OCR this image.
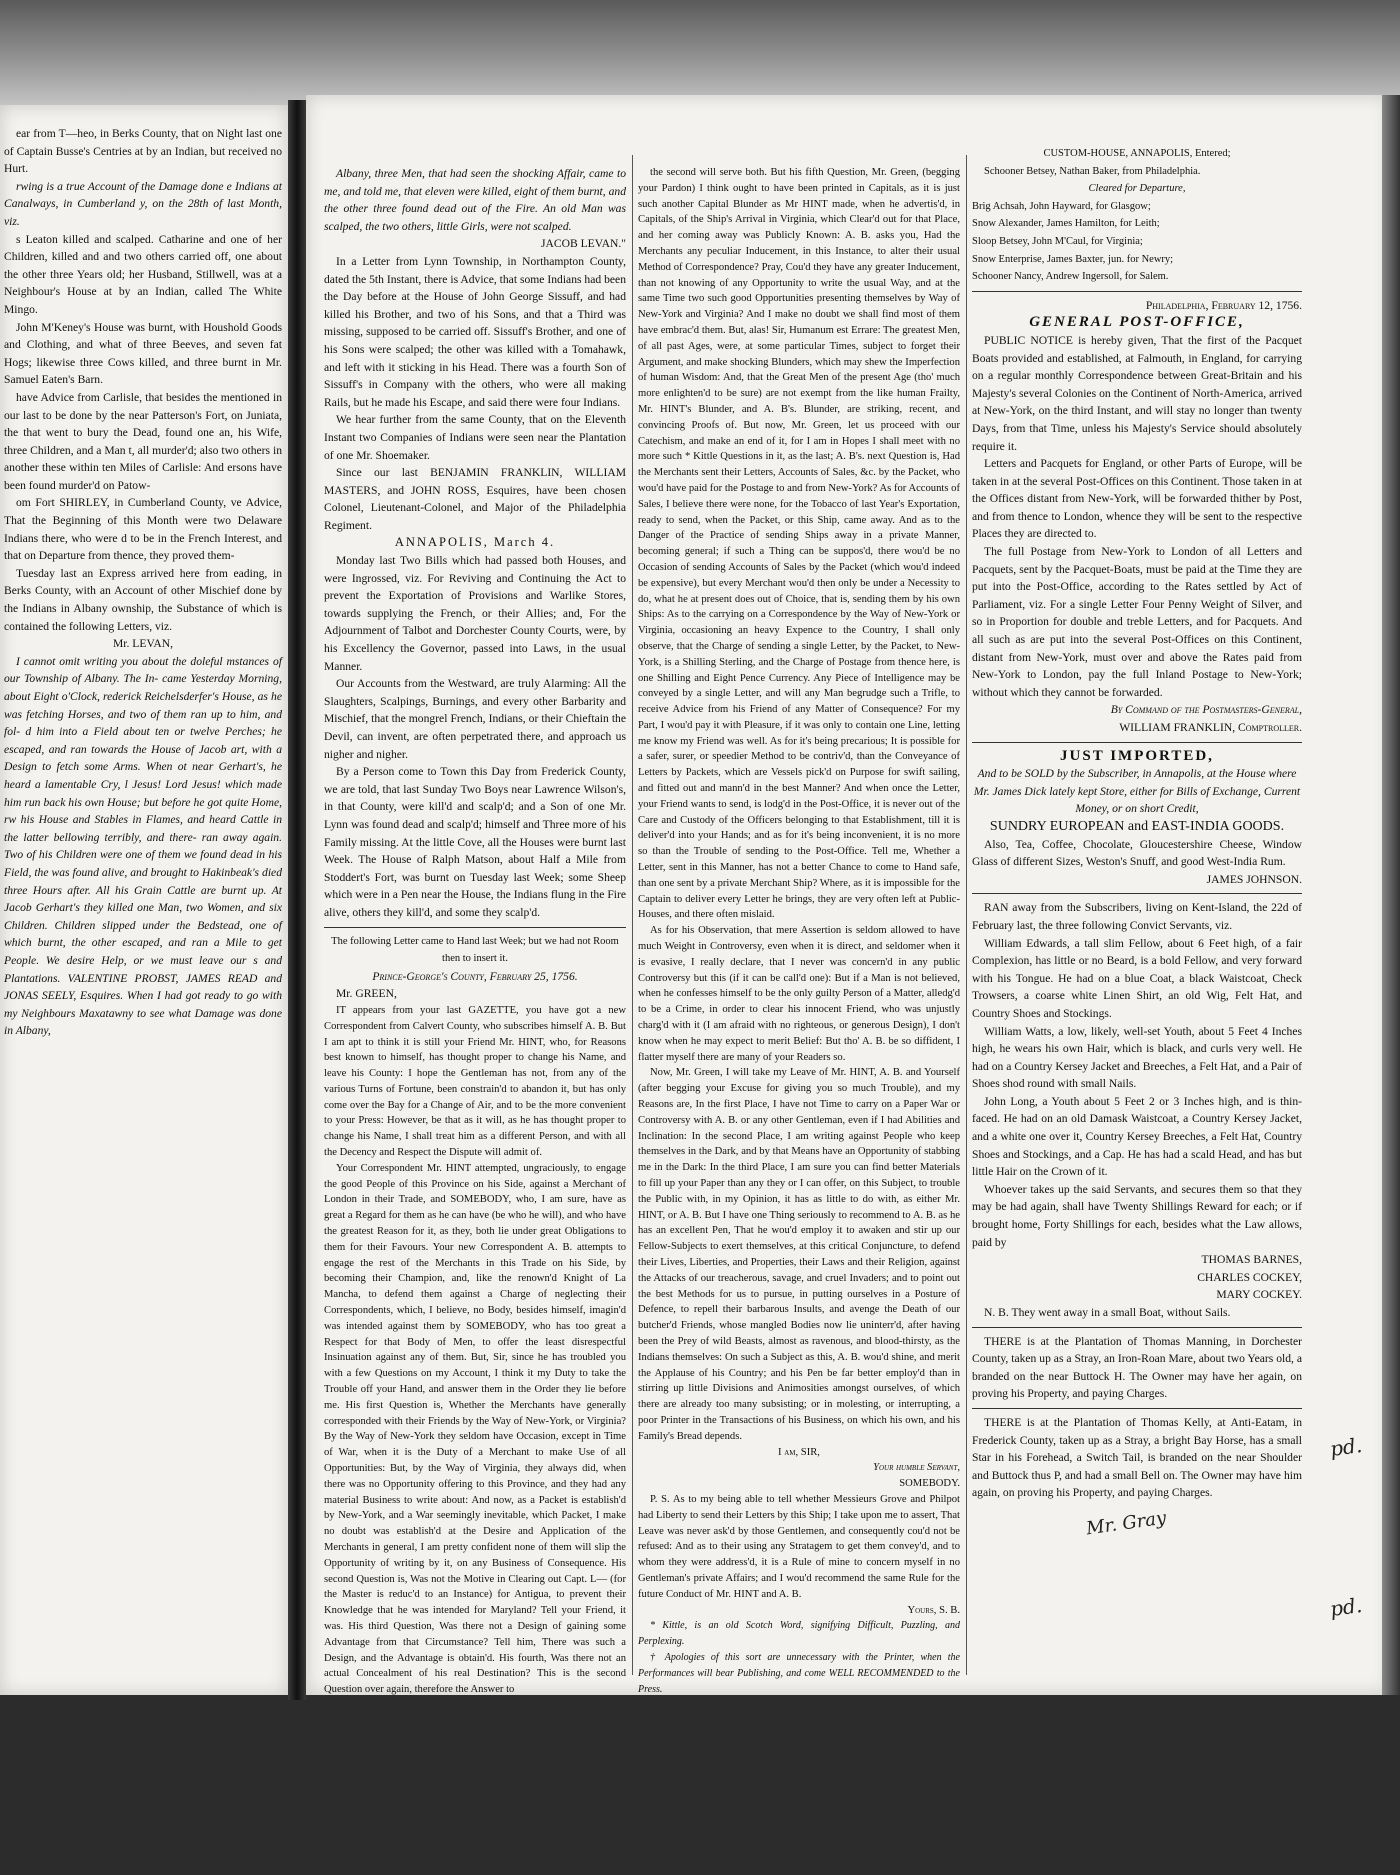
ear from T—heo, in Berks County, that on Night last one of Captain Busse's Centries at by an Indian, but received no Hurt.

rwing is a true Account of the Damage done e Indians at Canalways, in Cumberland y, on the 28th of last Month, viz.

s Leaton killed and scalped. Catharine and one of her Children, killed and and two others carried off, one about the other three Years old; her Husband, Stillwell, was at a Neighbour's House at by an Indian, called The White Mingo.

John M'Keney's House was burnt, with Houshold Goods and Clothing, and what of three Beeves, and seven fat Hogs; likewise three Cows killed, and three burnt in Mr. Samuel Eaten's Barn.

have Advice from Carlisle, that besides the mentioned in our last to be done by the near Patterson's Fort, on Juniata, the that went to bury the Dead, found one an, his Wife, three Children, and a Man t, all murder'd; also two others in another these within ten Miles of Carlisle: And ersons have been found murder'd on Patow-

om Fort SHIRLEY, in Cumberland County, ve Advice, That the Beginning of this Month were two Delaware Indians there, who were d to be in the French Interest, and that on Departure from thence, they proved them-

Tuesday last an Express arrived here from eading, in Berks County, with an Account of other Mischief done by the Indians in Albany ownship, the Substance of which is contained the following Letters, viz.

Mr. LEVAN,

I cannot omit writing you about the doleful mstances of our Township of Albany. The In- came Yesterday Morning, about Eight o'Clock, rederick Reichelsderfer's House, as he was fetching Horses, and two of them ran up to him, and fol- d him into a Field about ten or twelve Perches; he escaped, and ran towards the House of Jacob art, with a Design to fetch some Arms. When ot near Gerhart's, he heard a lamentable Cry, l Jesus! Lord Jesus! which made him run back his own House; but before he got quite Home, rw his House and Stables in Flames, and heard Cattle in the latter bellowing terribly, and there- ran away again. Two of his Children were one of them we found dead in his Field, the was found alive, and brought to Hakinbeak's died three Hours after. All his Grain Cattle are burnt up. At Jacob Gerhart's they killed one Man, two Women, and six Children. Children slipped under the Bedstead, one of which burnt, the other escaped, and ran a Mile to get People. We desire Help, or we must leave our s and Plantations. VALENTINE PROBST, JAMES READ and JONAS SEELY, Esquires. When I had got ready to go with my Neighbours Maxatawny to see what Damage was done in Albany,

Albany, three Men, that had seen the shocking Affair, came to me, and told me, that eleven were killed, eight of them burnt, and the other three found dead out of the Fire. An old Man was scalped, the two others, little Girls, were not scalped.

JACOB LEVAN."

In a Letter from Lynn Township, in Northampton County, dated the 5th Instant, there is Advice, that some Indians had been the Day before at the House of John George Sissuff, and had killed his Brother, and two of his Sons, and that a Third was missing, supposed to be carried off. Sissuff's Brother, and one of his Sons were scalped; the other was killed with a Tomahawk, and left with it sticking in his Head. There was a fourth Son of Sissuff's in Company with the others, who were all making Rails, but he made his Escape, and said there were four Indians.

We hear further from the same County, that on the Eleventh Instant two Companies of Indians were seen near the Plantation of one Mr. Shoemaker.

Since our last BENJAMIN FRANKLIN, WILLIAM MASTERS, and JOHN ROSS, Esquires, have been chosen Colonel, Lieutenant-Colonel, and Major of the Philadelphia Regiment.

ANNAPOLIS, March 4.

Monday last Two Bills which had passed both Houses, and were Ingrossed, viz. For Reviving and Continuing the Act to prevent the Exportation of Provisions and Warlike Stores, towards supplying the French, or their Allies; and, For the Adjournment of Talbot and Dorchester County Courts, were, by his Excellency the Governor, passed into Laws, in the usual Manner.

Our Accounts from the Westward, are truly Alarming: All the Slaughters, Scalpings, Burnings, and every other Barbarity and Mischief, that the mongrel French, Indians, or their Chieftain the Devil, can invent, are often perpetrated there, and approach us nigher and nigher.

By a Person come to Town this Day from Frederick County, we are told, that last Sunday Two Boys near Lawrence Wilson's, in that County, were kill'd and scalp'd; and a Son of one Mr. Lynn was found dead and scalp'd; himself and Three more of his Family missing. At the little Cove, all the Houses were burnt last Week. The House of Ralph Matson, about Half a Mile from Stoddert's Fort, was burnt on Tuesday last Week; some Sheep which were in a Pen near the House, the Indians flung in the Fire alive, others they kill'd, and some they scalp'd.

The following Letter came to Hand last Week; but we had not Room then to insert it.

Prince-George's County, February 25, 1756.

Mr. GREEN,

IT appears from your last GAZETTE, you have got a new Correspondent from Calvert County, who subscribes himself A. B. But I am apt to think it is still your Friend Mr. HINT, who, for Reasons best known to himself, has thought proper to change his Name, and leave his County: I hope the Gentleman has not, from any of the various Turns of Fortune, been constrain'd to abandon it, but has only come over the Bay for a Change of Air, and to be the more convenient to your Press: However, be that as it will, as he has thought proper to change his Name, I shall treat him as a different Person, and with all the Decency and Respect the Dispute will admit of.

Your Correspondent Mr. HINT attempted, ungraciously, to engage the good People of this Province on his Side, against a Merchant of London in their Trade, and SOMEBODY, who, I am sure, have as great a Regard for them as he can have (be who he will), and who have the greatest Reason for it, as they, both lie under great Obligations to them for their Favours. Your new Correspondent A. B. attempts to engage the rest of the Merchants in this Trade on his Side, by becoming their Champion, and, like the renown'd Knight of La Mancha, to defend them against a Charge of neglecting their Correspondents, which, I believe, no Body, besides himself, imagin'd was intended against them by SOMEBODY, who has too great a Respect for that Body of Men, to offer the least disrespectful Insinuation against any of them. But, Sir, since he has troubled you with a few Questions on my Account, I think it my Duty to take the Trouble off your Hand, and answer them in the Order they lie before me. His first Question is, Whether the Merchants have generally corresponded with their Friends by the Way of New-York, or Virginia? By the Way of New-York they seldom have Occasion, except in Time of War, when it is the Duty of a Merchant to make Use of all Opportunities: But, by the Way of Virginia, they always did, when there was no Opportunity offering to this Province, and they had any material Business to write about: And now, as a Packet is establish'd by New-York, and a War seemingly inevitable, which Packet, I make no doubt was establish'd at the Desire and Application of the Merchants in general, I am pretty confident none of them will slip the Opportunity of writing by it, on any Business of Consequence. His second Question is, Was not the Motive in Clearing out Capt. L— (for the Master is reduc'd to an Instance) for Antigua, to prevent their Knowledge that he was intended for Maryland? Tell your Friend, it was. His third Question, Was there not a Design of gaining some Advantage from that Circumstance? Tell him, There was such a Design, and the Advantage is obtain'd. His fourth, Was there not an actual Concealment of his real Destination? This is the second Question over again, therefore the Answer to

the second will serve both. But his fifth Question, Mr. Green, (begging your Pardon) I think ought to have been printed in Capitals, as it is just such another Capital Blunder as Mr HINT made, when he advertis'd, in Capitals, of the Ship's Arrival in Virginia, which Clear'd out for that Place, and her coming away was Publicly Known: A. B. asks you, Had the Merchants any peculiar Inducement, in this Instance, to alter their usual Method of Correspondence? Pray, Cou'd they have any greater Inducement, than not knowing of any Opportunity to write the usual Way, and at the same Time two such good Opportunities presenting themselves by Way of New-York and Virginia? And I make no doubt we shall find most of them have embrac'd them. But, alas! Sir, Humanum est Errare: The greatest Men, of all past Ages, were, at some particular Times, subject to forget their Argument, and make shocking Blunders, which may shew the Imperfection of human Wisdom: And, that the Great Men of the present Age (tho' much more enlighten'd to be sure) are not exempt from the like human Frailty, Mr. HINT's Blunder, and A. B's. Blunder, are striking, recent, and convincing Proofs of. But now, Mr. Green, let us proceed with our Catechism, and make an end of it, for I am in Hopes I shall meet with no more such * Kittle Questions in it, as the last; A. B's. next Question is, Had the Merchants sent their Letters, Accounts of Sales, &c. by the Packet, who wou'd have paid for the Postage to and from New-York? As for Accounts of Sales, I believe there were none, for the Tobacco of last Year's Exportation, ready to send, when the Packet, or this Ship, came away. And as to the Danger of the Practice of sending Ships away in a private Manner, becoming general; if such a Thing can be suppos'd, there wou'd be no Occasion of sending Accounts of Sales by the Packet (which wou'd indeed be expensive), but every Merchant wou'd then only be under a Necessity to do, what he at present does out of Choice, that is, sending them by his own Ships: As to the carrying on a Correspondence by the Way of New-York or Virginia, occasioning an heavy Expence to the Country, I shall only observe, that the Charge of sending a single Letter, by the Packet, to New-York, is a Shilling Sterling, and the Charge of Postage from thence here, is one Shilling and Eight Pence Currency. Any Piece of Intelligence may be conveyed by a single Letter, and will any Man begrudge such a Trifle, to receive Advice from his Friend of any Matter of Consequence? For my Part, I wou'd pay it with Pleasure, if it was only to contain one Line, letting me know my Friend was well. As for it's being precarious; It is possible for a safer, surer, or speedier Method to be contriv'd, than the Conveyance of Letters by Packets, which are Vessels pick'd on Purpose for swift sailing, and fitted out and mann'd in the best Manner? And when once the Letter, your Friend wants to send, is lodg'd in the Post-Office, it is never out of the Care and Custody of the Officers belonging to that Establishment, till it is deliver'd into your Hands; and as for it's being inconvenient, it is no more so than the Trouble of sending to the Post-Office. Tell me, Whether a Letter, sent in this Manner, has not a better Chance to come to Hand safe, than one sent by a private Merchant Ship? Where, as it is impossible for the Captain to deliver every Letter he brings, they are very often left at Public-Houses, and there often mislaid.

As for his Observation, that mere Assertion is seldom allowed to have much Weight in Controversy, even when it is direct, and seldomer when it is evasive, I really declare, that I never was concern'd in any public Controversy but this (if it can be call'd one): But if a Man is not believed, when he confesses himself to be the only guilty Person of a Matter, alledg'd to be a Crime, in order to clear his innocent Friend, who was unjustly charg'd with it (I am afraid with no righteous, or generous Design), I don't know when he may expect to merit Belief: But tho' A. B. be so diffident, I flatter myself there are many of your Readers so.

Now, Mr. Green, I will take my Leave of Mr. HINT, A. B. and Yourself (after begging your Excuse for giving you so much Trouble), and my Reasons are, In the first Place, I have not Time to carry on a Paper War or Controversy with A. B. or any other Gentleman, even if I had Abilities and Inclination: In the second Place, I am writing against People who keep themselves in the Dark, and by that Means have an Opportunity of stabbing me in the Dark: In the third Place, I am sure you can find better Materials to fill up your Paper than any they or I can offer, on this Subject, to trouble the Public with, in my Opinion, it has as little to do with, as either Mr. HINT, or A. B. But I have one Thing seriously to recommend to A. B. as he has an excellent Pen, That he wou'd employ it to awaken and stir up our Fellow-Subjects to exert themselves, at this critical Conjuncture, to defend their Lives, Liberties, and Properties, their Laws and their Religion, against the Attacks of our treacherous, savage, and cruel Invaders; and to point out the best Methods for us to pursue, in putting ourselves in a Posture of Defence, to repell their barbarous Insults, and avenge the Death of our butcher'd Friends, whose mangled Bodies now lie uninterr'd, after having been the Prey of wild Beasts, almost as ravenous, and blood-thirsty, as the Indians themselves: On such a Subject as this, A. B. wou'd shine, and merit the Applause of his Country; and his Pen be far better employ'd than in stirring up little Divisions and Animosities amongst ourselves, of which there are already too many subsisting; or in molesting, or interrupting, a poor Printer in the Transactions of his Business, on which his own, and his Family's Bread depends.

I am, SIR,

Your humble Servant,

SOMEBODY.

P. S. As to my being able to tell whether Messieurs Grove and Philpot had Liberty to send their Letters by this Ship; I take upon me to assert, That Leave was never ask'd by those Gentlemen, and consequently cou'd not be refused: And as to their using any Stratagem to get them convey'd, and to whom they were address'd, it is a Rule of mine to concern myself in no Gentleman's private Affairs; and I wou'd recommend the same Rule for the future Conduct of Mr. HINT and A. B.

Yours, S. B.

* Kittle, is an old Scotch Word, signifying Difficult, Puzzling, and Perplexing.

† Apologies of this sort are unnecessary with the Printer, when the Performances will bear Publishing, and come WELL RECOMMENDED to the Press.

CUSTOM-HOUSE, ANNAPOLIS, Entered;

Schooner Betsey, Nathan Baker, from Philadelphia.

Cleared for Departure,

Brig Achsah, John Hayward, for Glasgow;

Snow Alexander, James Hamilton, for Leith;

Sloop Betsey, John M'Caul, for Virginia;

Snow Enterprise, James Baxter, jun. for Newry;

Schooner Nancy, Andrew Ingersoll, for Salem.

Philadelphia, February 12, 1756.

GENERAL POST-OFFICE,

PUBLIC NOTICE is hereby given, That the first of the Pacquet Boats provided and established, at Falmouth, in England, for carrying on a regular monthly Correspondence between Great-Britain and his Majesty's several Colonies on the Continent of North-America, arrived at New-York, on the third Instant, and will stay no longer than twenty Days, from that Time, unless his Majesty's Service should absolutely require it.

Letters and Pacquets for England, or other Parts of Europe, will be taken in at the several Post-Offices on this Continent. Those taken in at the Offices distant from New-York, will be forwarded thither by Post, and from thence to London, whence they will be sent to the respective Places they are directed to.

The full Postage from New-York to London of all Letters and Pacquets, sent by the Pacquet-Boats, must be paid at the Time they are put into the Post-Office, according to the Rates settled by Act of Parliament, viz. For a single Letter Four Penny Weight of Silver, and so in Proportion for double and treble Letters, and for Pacquets. And all such as are put into the several Post-Offices on this Continent, distant from New-York, must over and above the Rates paid from New-York to London, pay the full Inland Postage to New-York; without which they cannot be forwarded.

By Command of the Postmasters-General,

WILLIAM FRANKLIN, Comptroller.

JUST IMPORTED,

And to be SOLD by the Subscriber, in Annapolis, at the House where Mr. James Dick lately kept Store, either for Bills of Exchange, Current Money, or on short Credit,

SUNDRY EUROPEAN and EAST-INDIA GOODS.

Also, Tea, Coffee, Chocolate, Gloucestershire Cheese, Window Glass of different Sizes, Weston's Snuff, and good West-India Rum.

JAMES JOHNSON.

RAN away from the Subscribers, living on Kent-Island, the 22d of February last, the three following Convict Servants, viz.

William Edwards, a tall slim Fellow, about 6 Feet high, of a fair Complexion, has little or no Beard, is a bold Fellow, and very forward with his Tongue. He had on a blue Coat, a black Waistcoat, Check Trowsers, a coarse white Linen Shirt, an old Wig, Felt Hat, and Country Shoes and Stockings.

William Watts, a low, likely, well-set Youth, about 5 Feet 4 Inches high, he wears his own Hair, which is black, and curls very well. He had on a Country Kersey Jacket and Breeches, a Felt Hat, and a Pair of Shoes shod round with small Nails.

John Long, a Youth about 5 Feet 2 or 3 Inches high, and is thin-faced. He had on an old Damask Waistcoat, a Country Kersey Jacket, and a white one over it, Country Kersey Breeches, a Felt Hat, Country Shoes and Stockings, and a Cap. He has had a scald Head, and has but little Hair on the Crown of it.

Whoever takes up the said Servants, and secures them so that they may be had again, shall have Twenty Shillings Reward for each; or if brought home, Forty Shillings for each, besides what the Law allows, paid by

THOMAS BARNES,

CHARLES COCKEY,

MARY COCKEY.

N. B. They went away in a small Boat, without Sails.

THERE is at the Plantation of Thomas Manning, in Dorchester County, taken up as a Stray, an Iron-Roan Mare, about two Years old, a branded on the near Buttock H. The Owner may have her again, on proving his Property, and paying Charges.

THERE is at the Plantation of Thomas Kelly, at Anti-Eatam, in Frederick County, taken up as a Stray, a bright Bay Horse, has a small Star in his Forehead, a Switch Tail, is branded on the near Shoulder and Buttock thus P, and had a small Bell on. The Owner may have him again, on proving his Property, and paying Charges.

pd.
pd.
Mr. Gray
